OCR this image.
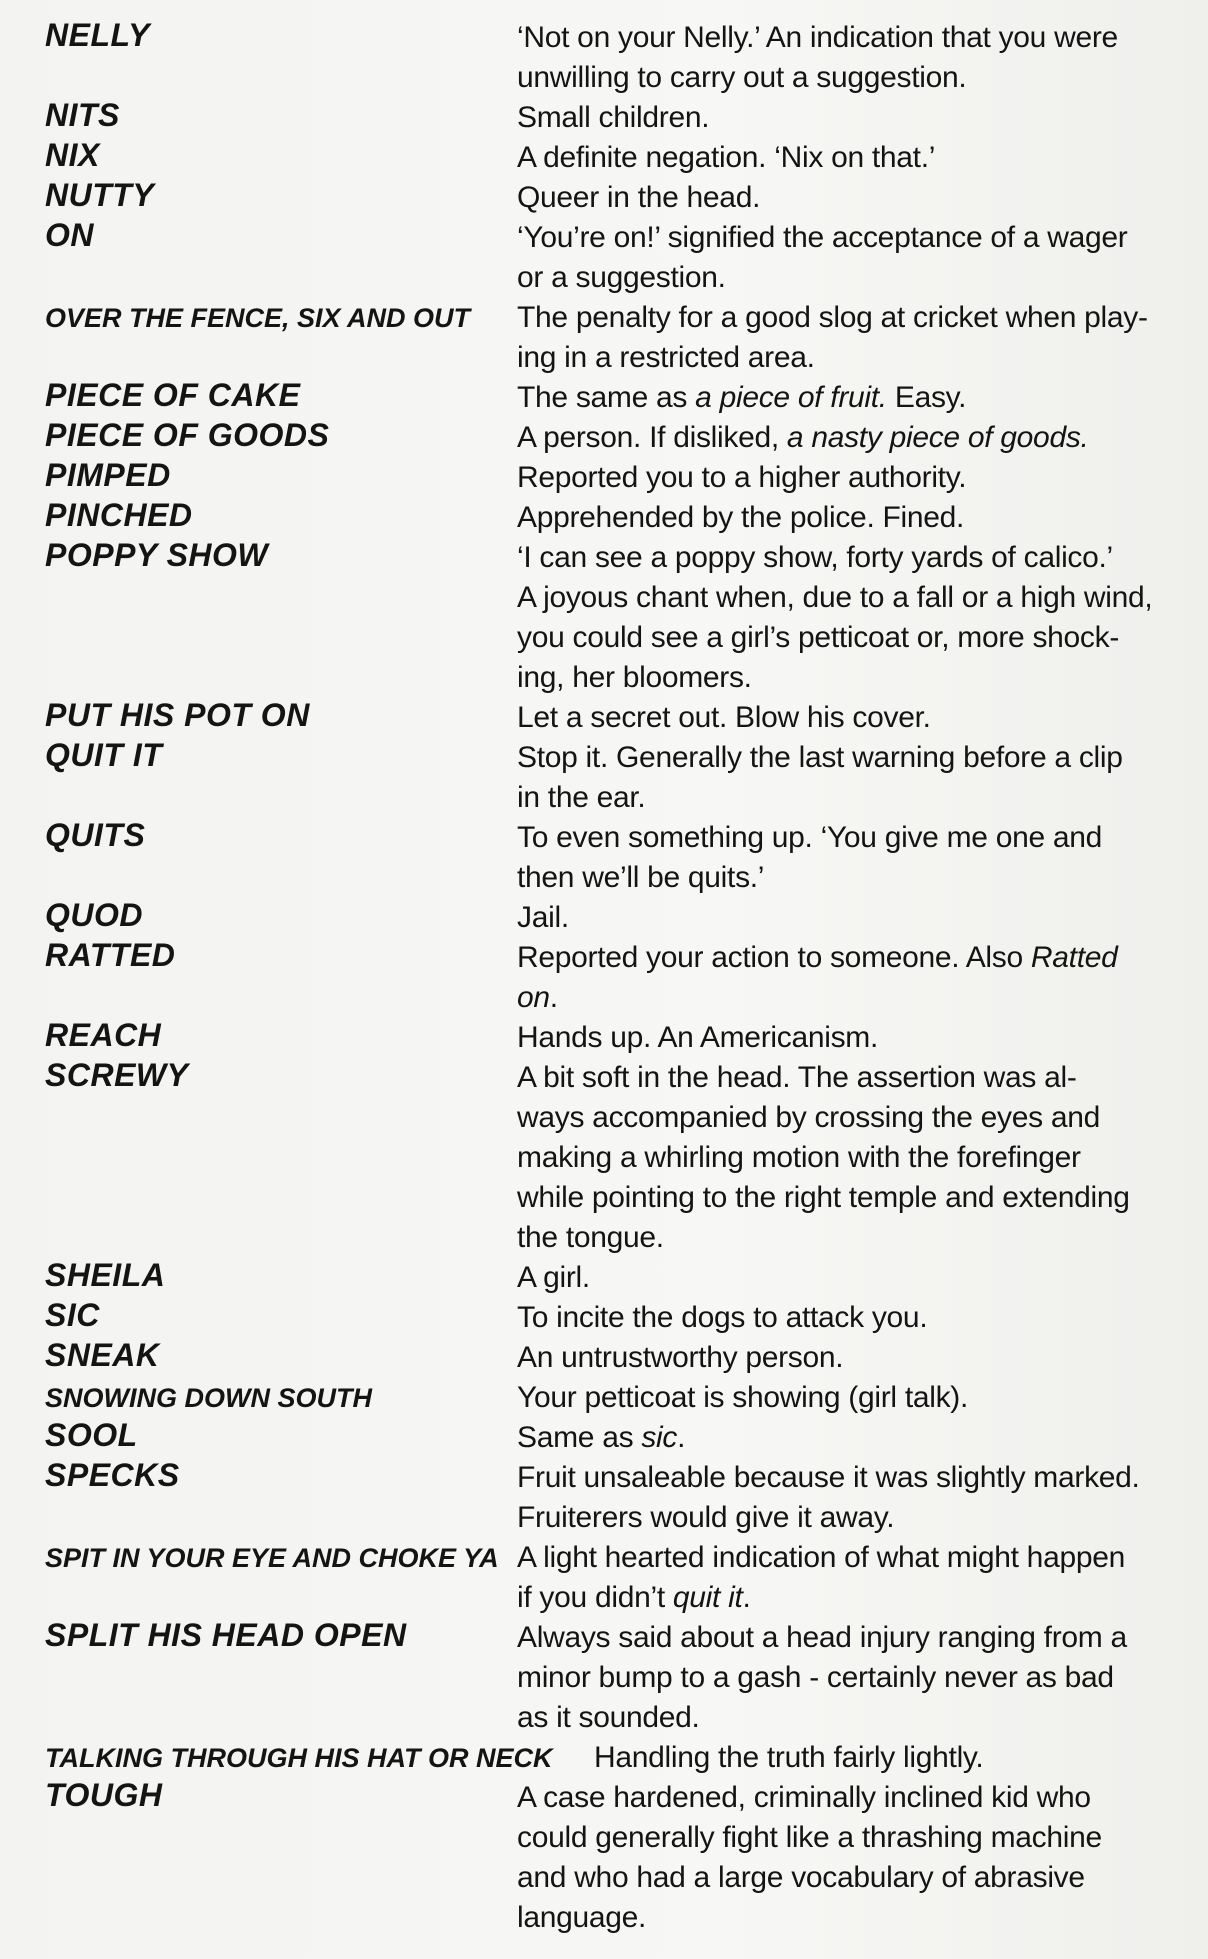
NELLY	‘Not on your Nelly.’ An indication that you were

unwilling to carry out a suggestion.

NITS	Small children.

NIX	A definite negation. ‘Nix on that.’

NUTTY	Queer in the head.

ON	‘You’re on!’ signified the acceptance of a wager

or a suggestion.

OVER THE FENCE, SIX AND OUT The penalty for a good slog at cricket when play-

ing in a restricted area.

PIECE OF CAKE	The same as a piece of fruit. Easy.

PIECE OF GOODS	A person. If disliked, a nasty piece of goods.

PIMPED	Reported you to a higher authority.

PINCHED	Apprehended by the police. Fined.

POPPY SHOW	‘I can see a poppy show, forty yards of calico.’

A joyous chant when, due to a fall or a high wind,

you could see a girl’s petticoat or, more shock-

ing, her bloomers.

PUT HIS POT ON	Let a secret out. Blow his cover.

QUIT IT	Stop it. Generally the last warning before a clip

in the ear.

QUITS	To even something up. ‘You give me one and

then we’ll be quits.’

QUOD	Jail.

RATTED	Reported your action to someone. Also Ratted

on.

REACH	Hands up. An Americanism.

SCREWY	A bit soft in the head. The assertion was al-

ways accompanied by crossing the eyes and

making a whirling motion with the forefinger

while pointing to the right temple and extending

the tongue.

SHEILA	A girl.

SIC	To incite the dogs to attack you.

SNEAK	An untrustworthy person.

SNOWING DOWN SOUTH	Your petticoat is showing (girl talk).

SOOL	Same as sic.

SPECKS	Fruit unsaleable because it was slightly marked.

Fruiterers would give it away.

SPIT IN YOUR EYE AND CHOKE YA A light hearted indication of what might happen

if you didn’t quit it.

SPLIT HIS HEAD OPEN	Always said about a head injury ranging from a

minor bump to a gash - certainly never as bad

as it sounded.

TALKING THROUGH HIS HAT OR NECK Handling the truth fairly lightly.

TOUGH	A case hardened, criminally inclined kid who

could generally fight like a thrashing machine

and who had a large vocabulary of abrasive

language.
